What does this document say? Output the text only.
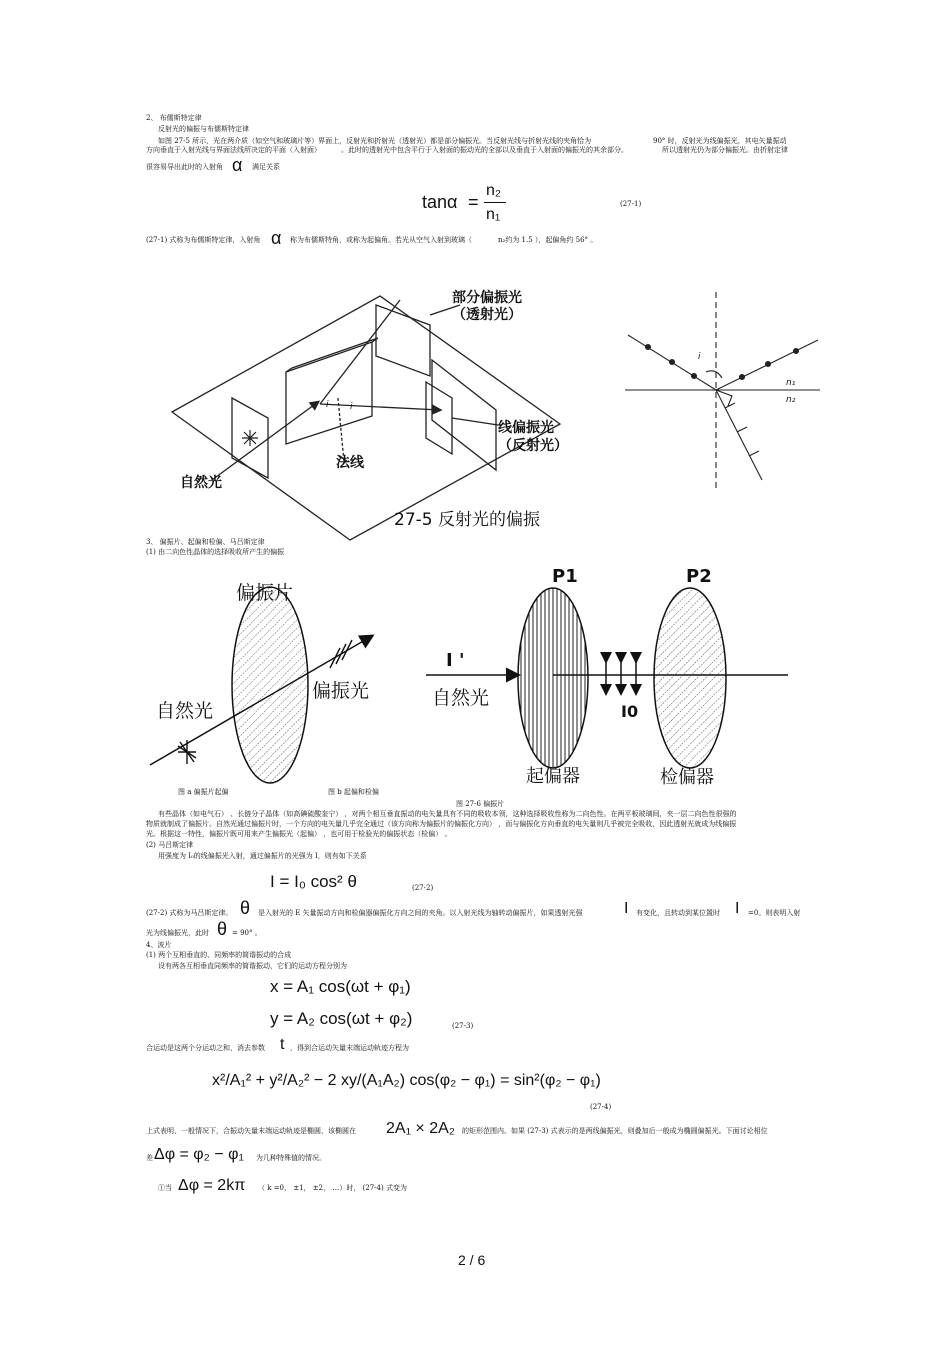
2、 布儒斯特定律
反射光的偏振与布儒斯特定律
如图 27-5 所示，光在两介质（如空气和玻璃片等）界面上，反射光和折射光（透射光）都是部分偏振光。当反射光线与折射光线的夹角恰为	90° 时，反射光为线偏振光，其电矢量振动
方向垂直于入射光线与界面法线所决定的平面（入射面）	。此时的透射光中包含平行于入射面的振动光的全部以及垂直于入射面的偏振光的其余部分。	所以透射光仍为部分偏振光。由折射定律
很容易导出此时的入射角 α 满足关系
tanα =
n₂
n₁
(27-1)
(27-1) 式称为布儒斯特定律，入射角 α 称为布儒斯特角，或称为起偏角。若光从空气入射到玻璃（	n₂约为 1.5 ），起偏角约 56° 。
部分偏振光
（透射光）
线偏振光
（反射光）
自然光
法线
i i
i
n₁
n₂
27-5 反射光的偏振
3、 偏振片、起偏和检偏、马吕斯定律
(1) 由二向色性晶体的选择吸收所产生的偏振
偏振片
自然光
偏振光
P1	P2
I '
自然光
I0
起偏器	检偏器
图 a 偏振片起偏	图 b 起偏和检偏
图 27-6 偏振片
有些晶体（如电气石） 、长链分子晶体（如高碘硫酸奎宁） ，对两个相互垂直振动的电矢量具有不同的吸收本领，这种选择吸收性称为二向色性。在两平板玻璃间，夹一层二向色性很强的
物质就制成了偏振片。自然光通过偏振片时，一个方向的电矢量几乎完全通过（该方向称为偏振片的偏振化方向） ，而与偏振化方向垂直的电矢量则几乎被完全吸收，因此透射光就成为线偏振
光。根据这一特性，偏振片既可用来产生偏振光（起偏） ，也可用于检验光的偏振状态（检偏） 。
(2) 马吕斯定律
用强度为 I₀的线偏振光入射，通过偏振片的光强为 I，则有如下关系
I = I₀ cos² θ	(27-2)
(27-2) 式称为马吕斯定律。 θ 是入射光的 E 矢量振动方向和检偏器偏振化方向之间的夹角。以入射光线为轴转动偏振片，如果透射光强	I 有变化，且转动到某位置时 I =0。则表明入射
光为线偏振光，此时 θ = 90° 。
4、波片
(1) 两个互相垂直的、同频率的简谐振动的合成
设有两各互相垂直同频率的简谐振动，它们的运动方程分别为
x = A₁ cos(ωt + φ₁)
y = A₂ cos(ωt + φ₂)	(27-3)
合运动是这两个分运动之和，消去参数 t ，得到合运动矢量末端运动轨迹方程为
x²/A₁² + y²/A₂² − 2 xy/(A₁A₂) cos(φ₂ − φ₁) = sin²(φ₂ − φ₁)
(27-4)
上式表明，一般情况下，合振动矢量末端运动轨迹是椭圆，该椭圆在 2A₁ × 2A₂ 的矩形范围内。如果 (27-3) 式表示的是两线偏振光，则叠加后一般成为椭圆偏振光。下面讨论相位
差 Δφ = φ₂ − φ₁ 为几种特殊值的情况。
①当 Δφ = 2kπ （ k =0， ±1， ±2， …）时， (27-4) 式变为
2 / 6
